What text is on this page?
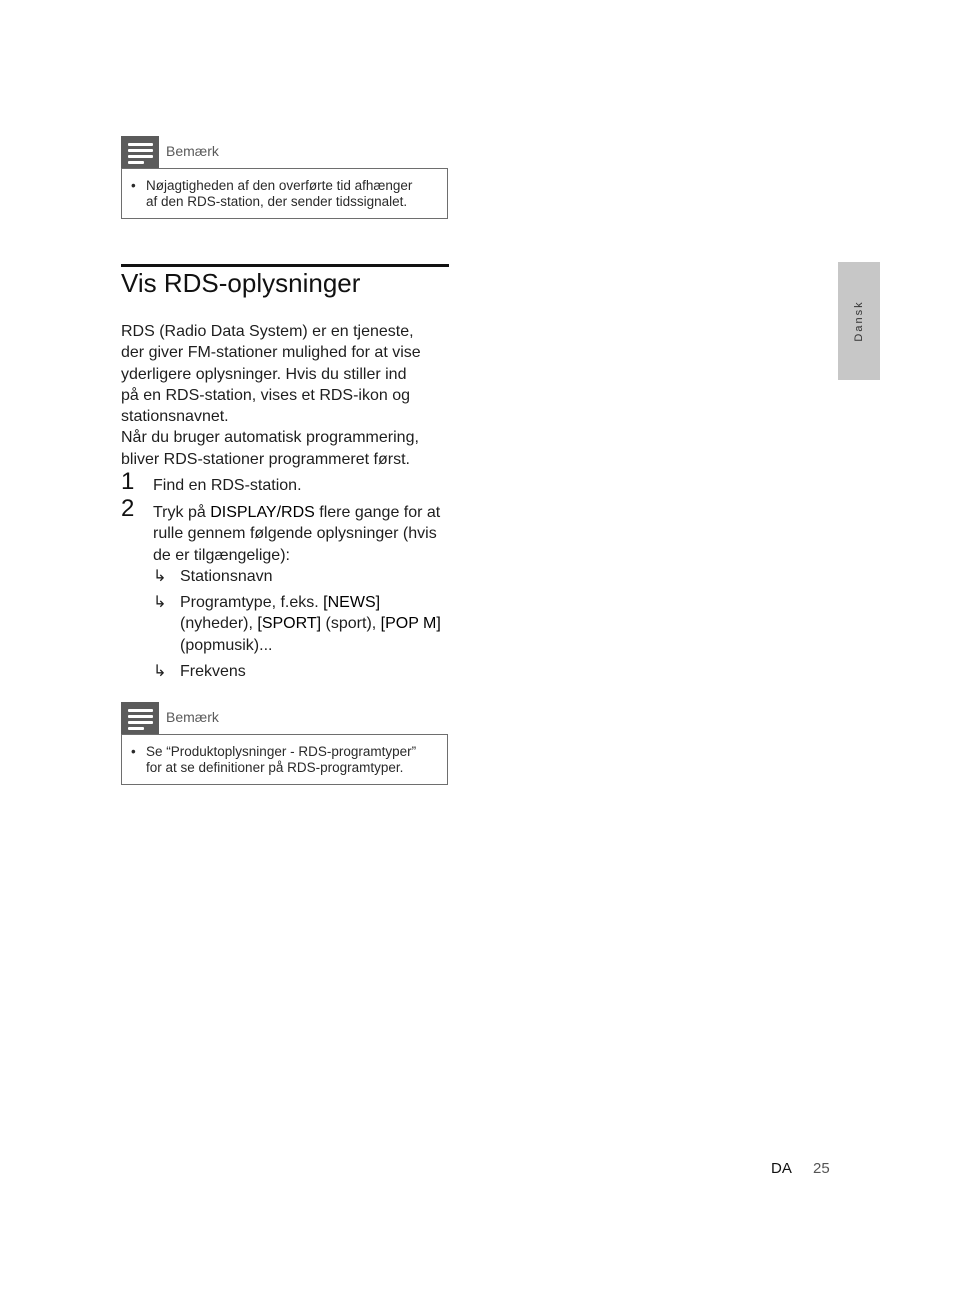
Bemærk
• Nøjagtigheden af den overførte tid afhænger
af den RDS-station, der sender tidssignalet.
Vis RDS-oplysninger
RDS (Radio Data System) er en tjeneste,
der giver FM-stationer mulighed for at vise
yderligere oplysninger. Hvis du stiller ind
på en RDS-station, vises et RDS-ikon og
stationsnavnet.
Når du bruger automatisk programmering,
bliver RDS-stationer programmeret først.
1 Find en RDS-station.
2 Tryk på DISPLAY/RDS flere gange for at
rulle gennem følgende oplysninger (hvis
de er tilgængelige):
↳ Stationsnavn
↳ Programtype, f.eks. [NEWS]
(nyheder), [SPORT] (sport), [POP M]
(popmusik)...
↳ Frekvens
Bemærk
• Se “Produktoplysninger - RDS-programtyper”
for at se definitioner på RDS-programtyper.
Dansk
DA 25
